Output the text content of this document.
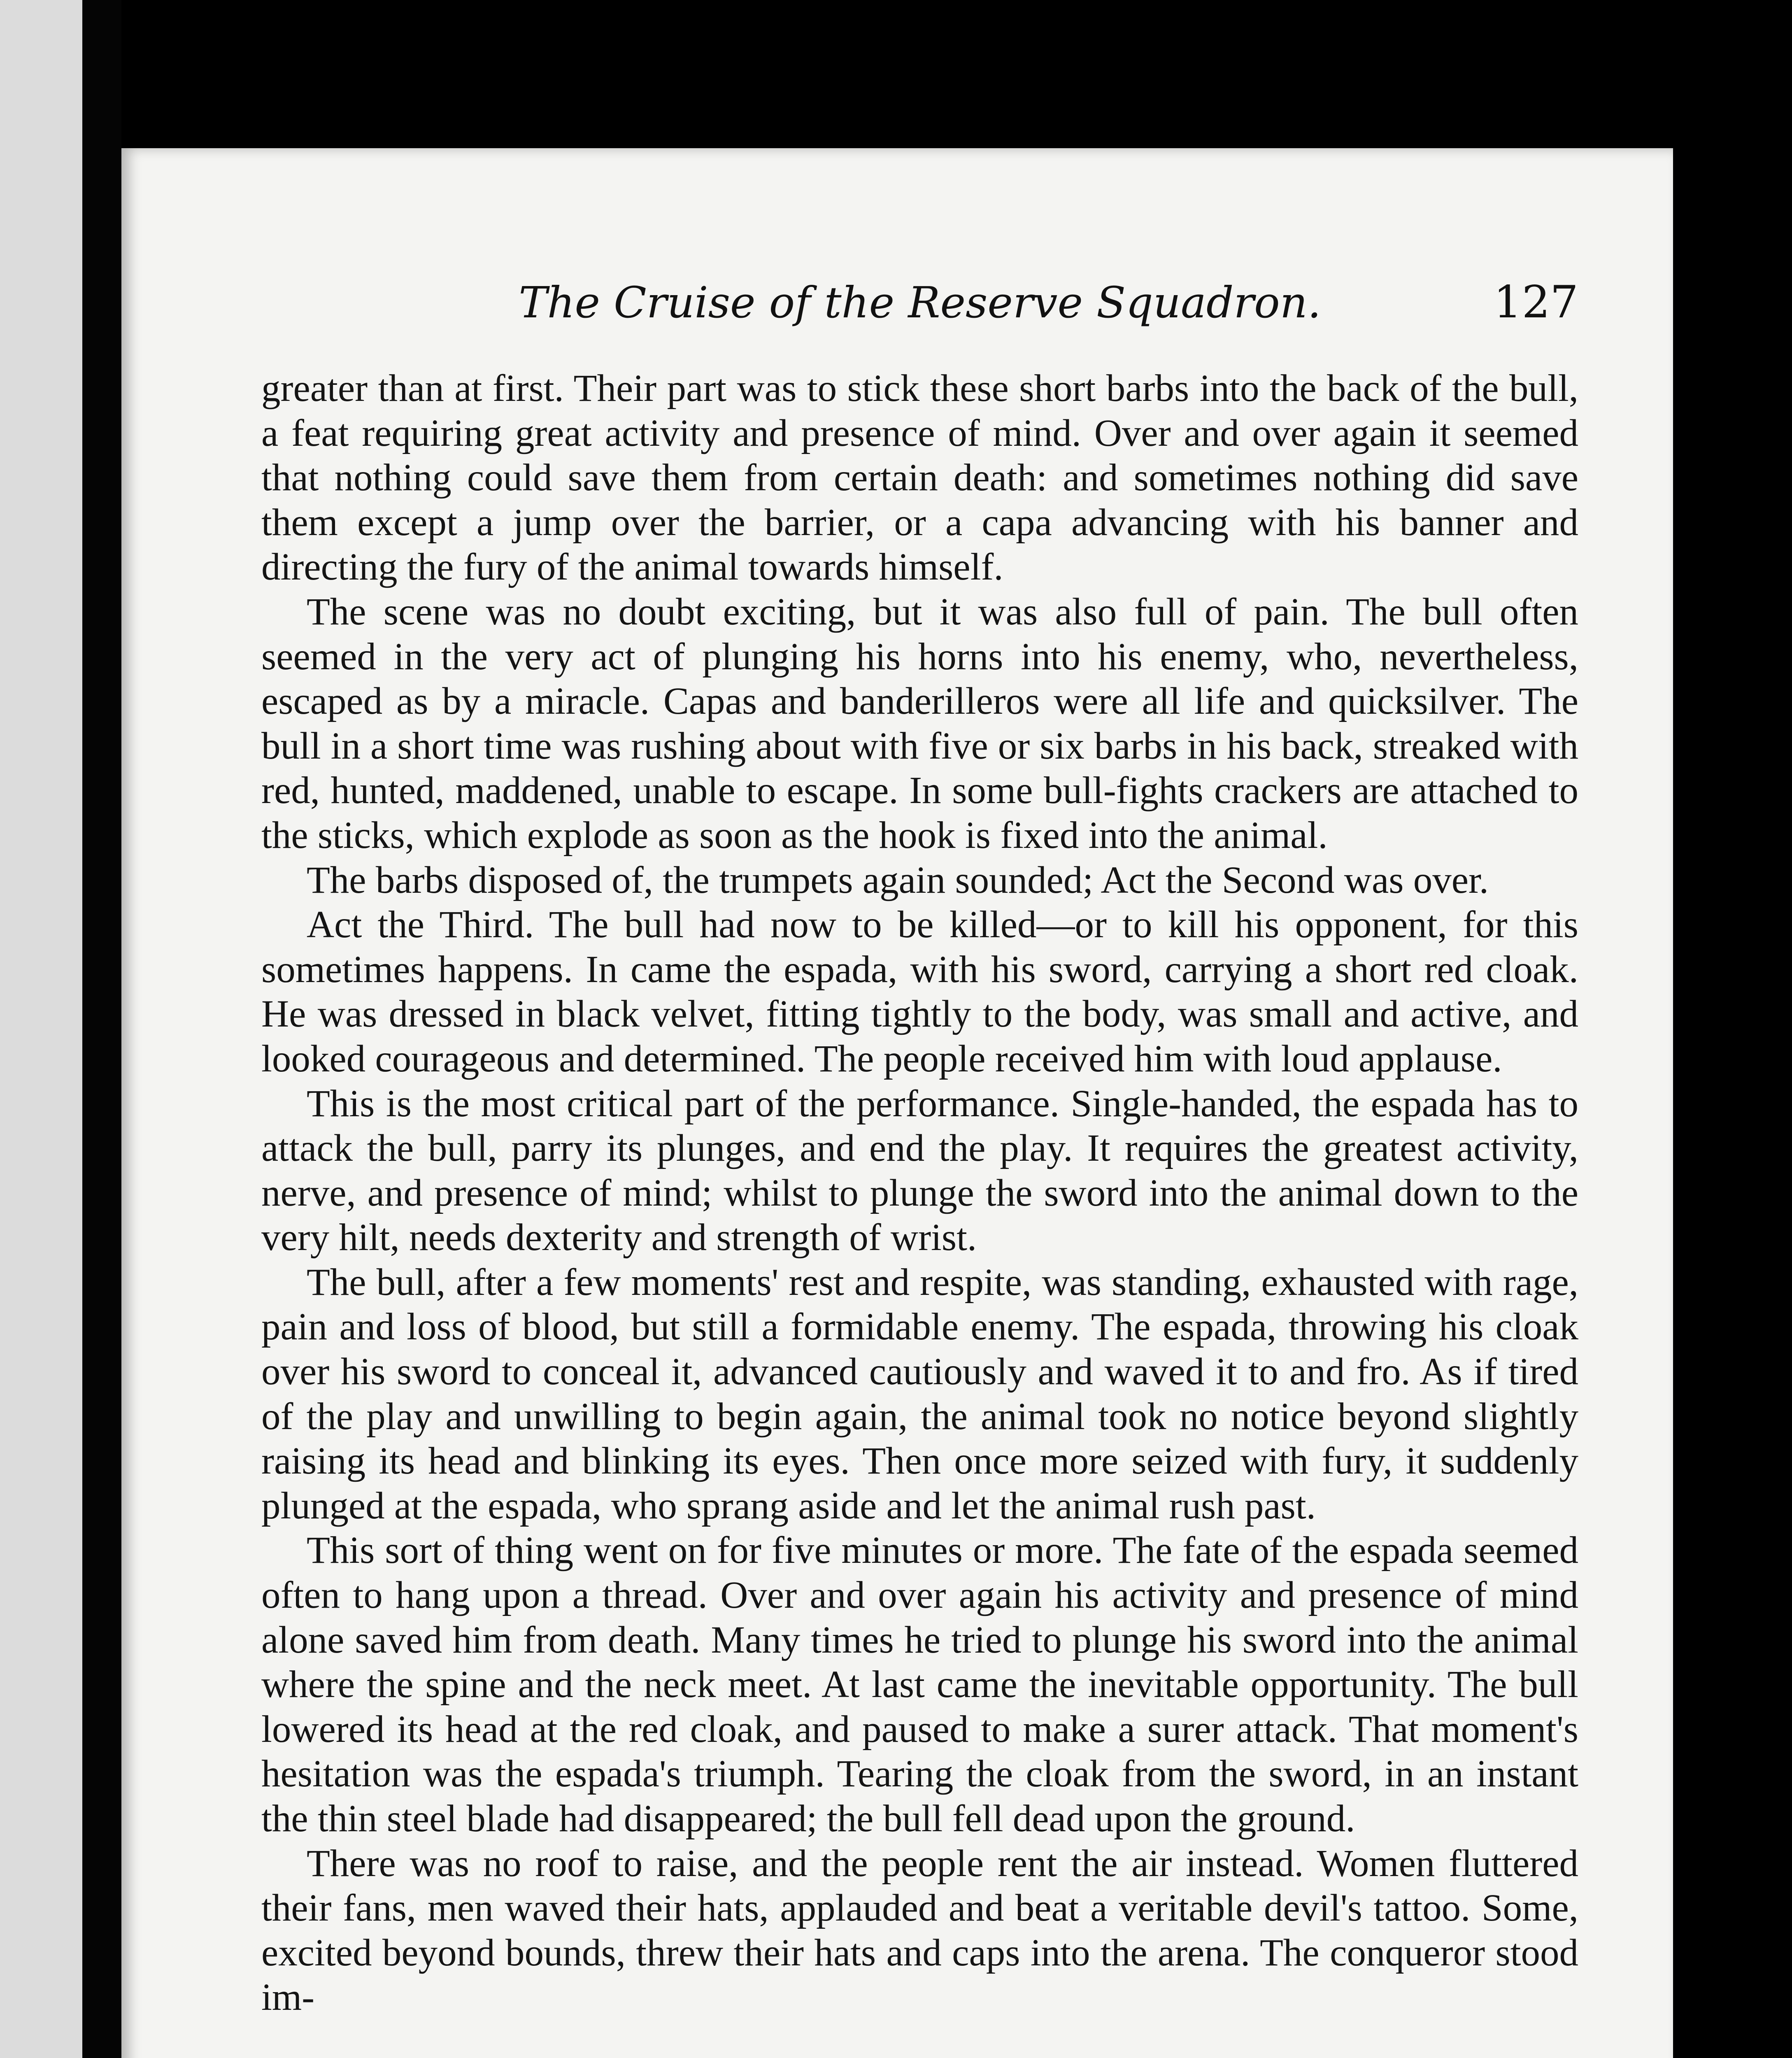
The Cruise of the Reserve Squadron.	127

greater than at first. Their part was to stick these short barbs into the back of the bull, a feat requiring great activity and presence of mind. Over and over again it seemed that nothing could save them from certain death: and sometimes nothing did save them except a jump over the barrier, or a capa advancing with his banner and directing the fury of the animal towards himself.

The scene was no doubt exciting, but it was also full of pain. The bull often seemed in the very act of plunging his horns into his enemy, who, nevertheless, escaped as by a miracle. Capas and banderilleros were all life and quicksilver. The bull in a short time was rushing about with five or six barbs in his back, streaked with red, hunted, maddened, unable to escape. In some bull-fights crackers are attached to the sticks, which explode as soon as the hook is fixed into the animal.

The barbs disposed of, the trumpets again sounded; Act the Second was over.

Act the Third. The bull had now to be killed—or to kill his opponent, for this sometimes happens. In came the espada, with his sword, carrying a short red cloak. He was dressed in black velvet, fitting tightly to the body, was small and active, and looked courageous and determined. The people received him with loud applause.

This is the most critical part of the performance. Single-handed, the espada has to attack the bull, parry its plunges, and end the play. It requires the greatest activity, nerve, and presence of mind; whilst to plunge the sword into the animal down to the very hilt, needs dexterity and strength of wrist.

The bull, after a few moments' rest and respite, was standing, exhausted with rage, pain and loss of blood, but still a formidable enemy. The espada, throwing his cloak over his sword to conceal it, advanced cautiously and waved it to and fro. As if tired of the play and unwilling to begin again, the animal took no notice beyond slightly raising its head and blinking its eyes. Then once more seized with fury, it suddenly plunged at the espada, who sprang aside and let the animal rush past.

This sort of thing went on for five minutes or more. The fate of the espada seemed often to hang upon a thread. Over and over again his activity and presence of mind alone saved him from death. Many times he tried to plunge his sword into the animal where the spine and the neck meet. At last came the inevitable opportunity. The bull lowered its head at the red cloak, and paused to make a surer attack. That moment's hesitation was the espada's triumph. Tearing the cloak from the sword, in an instant the thin steel blade had disappeared; the bull fell dead upon the ground.

There was no roof to raise, and the people rent the air instead. Women fluttered their fans, men waved their hats, applauded and beat a veritable devil's tattoo. Some, excited beyond bounds, threw their hats and caps into the arena. The conqueror stood im-
